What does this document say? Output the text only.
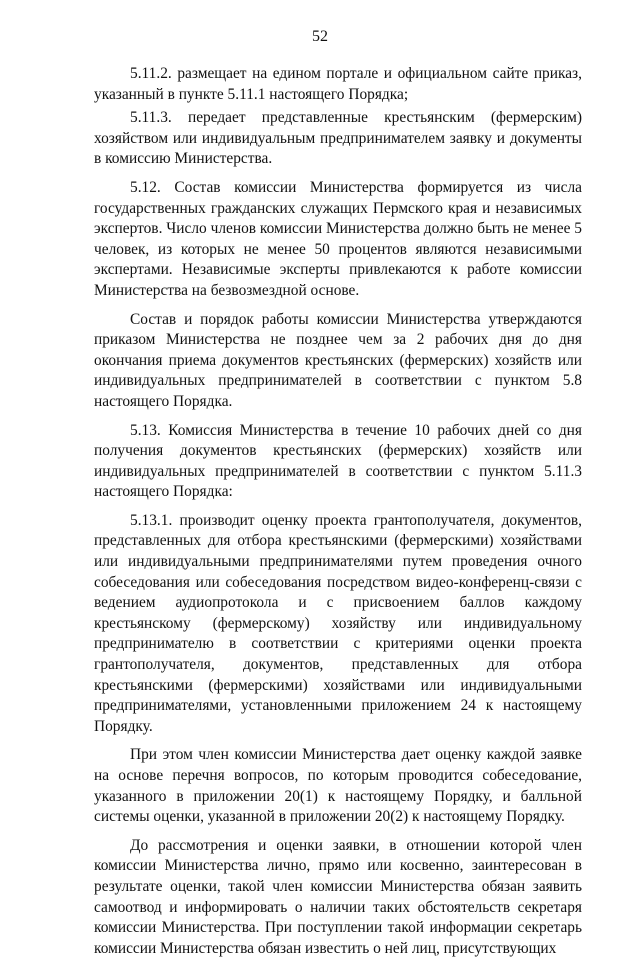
52

5.11.2. размещает на едином портале и официальном сайте приказ, указанный в пункте 5.11.1 настоящего Порядка;

5.11.3. передает представленные крестьянским (фермерским) хозяйством или индивидуальным предпринимателем заявку и документы в комиссию Министерства.

5.12. Состав комиссии Министерства формируется из числа государственных гражданских служащих Пермского края и независимых экспертов. Число членов комиссии Министерства должно быть не менее 5 человек, из которых не менее 50 процентов являются независимыми экспертами. Независимые эксперты привлекаются к работе комиссии Министерства на безвозмездной основе.

Состав и порядок работы комиссии Министерства утверждаются приказом Министерства не позднее чем за 2 рабочих дня до дня окончания приема документов крестьянских (фермерских) хозяйств или индивидуальных предпринимателей в соответствии с пунктом 5.8 настоящего Порядка.

5.13. Комиссия Министерства в течение 10 рабочих дней со дня получения документов крестьянских (фермерских) хозяйств или индивидуальных предпринимателей в соответствии с пунктом 5.11.3 настоящего Порядка:

5.13.1. производит оценку проекта грантополучателя, документов, представленных для отбора крестьянскими (фермерскими) хозяйствами или индивидуальными предпринимателями путем проведения очного собеседования или собеседования посредством видео-конференц-связи с ведением аудиопротокола и с присвоением баллов каждому крестьянскому (фермерскому) хозяйству или индивидуальному предпринимателю в соответствии с критериями оценки проекта грантополучателя, документов, представленных для отбора крестьянскими (фермерскими) хозяйствами или индивидуальными предпринимателями, установленными приложением 24 к настоящему Порядку.

При этом член комиссии Министерства дает оценку каждой заявке на основе перечня вопросов, по которым проводится собеседование, указанного в приложении 20(1) к настоящему Порядку, и балльной системы оценки, указанной в приложении 20(2) к настоящему Порядку.

До рассмотрения и оценки заявки, в отношении которой член комиссии Министерства лично, прямо или косвенно, заинтересован в результате оценки, такой член комиссии Министерства обязан заявить самоотвод и информировать о наличии таких обстоятельств секретаря комиссии Министерства. При поступлении такой информации секретарь комиссии Министерства обязан известить о ней лиц, присутствующих
